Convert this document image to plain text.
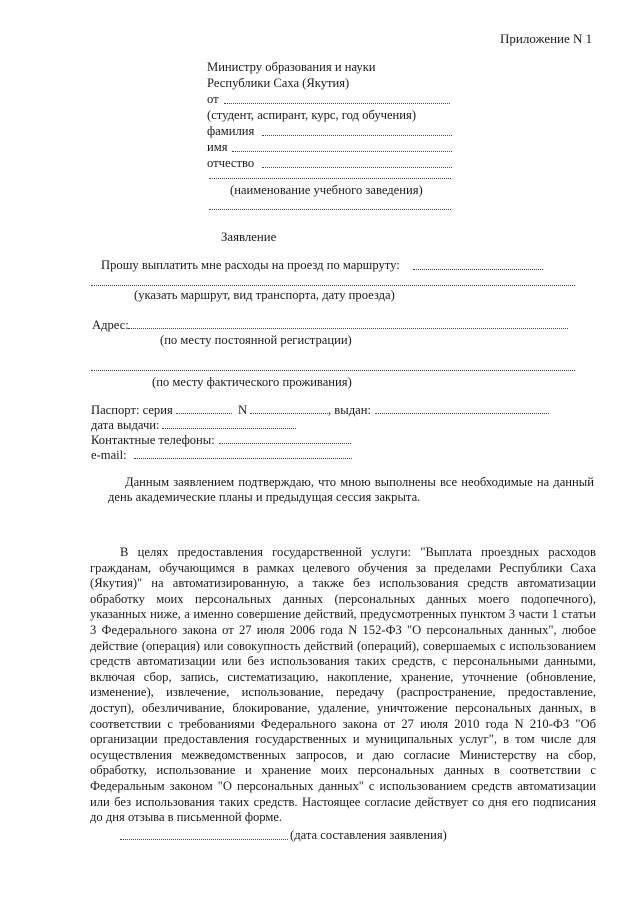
Приложение N 1
Министру образования и науки
Республики Саха (Якутия)
от
(студент, аспирант, курс, год обучения)
фамилия
имя
отчество
(наименование учебного заведения)
Заявление
Прошу выплатить мне расходы на проезд по маршруту:
(указать маршрут, вид транспорта, дату проезда)
Адрес:
(по месту постоянной регистрации)
(по месту фактического проживания)
Паспорт: серия	N	, выдан:
дата выдачи:
Контактные телефоны:
e-mail:
Данным заявлением подтверждаю, что мною выполнены все необходимые на данный день академические планы и предыдущая сессия закрыта.
В целях предоставления государственной услуги: "Выплата проездных расходов гражданам, обучающимся в рамках целевого обучения за пределами Республики Саха (Якутия)" на автоматизированную, а также без использования средств автоматизации обработку моих персональных данных (персональных данных моего подопечного), указанных ниже, а именно совершение действий, предусмотренных пунктом 3 части 1 статьи 3 Федерального закона от 27 июля 2006 года N 152-ФЗ "О персональных данных", любое действие (операция) или совокупность действий (операций), совершаемых с использованием средств автоматизации или без использования таких средств, с персональными данными, включая сбор, запись, систематизацию, накопление, хранение, уточнение (обновление, изменение), извлечение, использование, передачу (распространение, предоставление, доступ), обезличивание, блокирование, удаление, уничтожение персональных данных, в соответствии с требованиями Федерального закона от 27 июля 2010 года N 210-ФЗ "Об организации предоставления государственных и муниципальных услуг", в том числе для осуществления межведомственных запросов, и даю согласие Министерству на сбор, обработку, использование и хранение моих персональных данных в соответствии с Федеральным законом "О персональных данных" с использованием средств автоматизации или без использования таких средств. Настоящее согласие действует со дня его подписания до дня отзыва в письменной форме.
(дата составления заявления)
